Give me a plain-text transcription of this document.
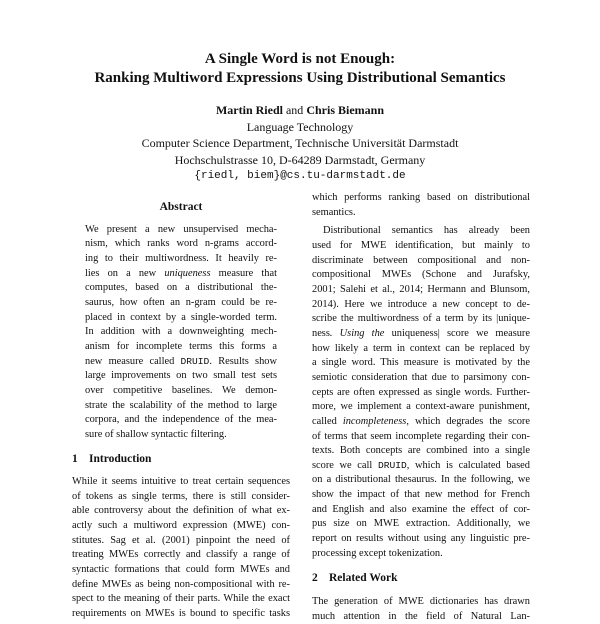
A Single Word is not Enough:
Ranking Multiword Expressions Using Distributional Semantics
Martin Riedl and Chris Biemann
Language Technology
Computer Science Department, Technische Universität Darmstadt
Hochschulstrasse 10, D-64289 Darmstadt, Germany
{riedl, biem}@cs.tu-darmstadt.de
Abstract
We present a new unsupervised mecha-
nism, which ranks word n-grams accord-
ing to their multiwordness. It heavily re-
lies on a new uniqueness measure that
computes, based on a distributional the-
saurus, how often an n-gram could be re-
placed in context by a single-worded term.
In addition with a downweighting mech-
anism for incomplete terms this forms a
new measure called DRUID. Results show
large improvements on two small test sets
over competitive baselines. We demon-
strate the scalability of the method to large
corpora, and the independence of the mea-
sure of shallow syntactic filtering.
1 Introduction
While it seems intuitive to treat certain sequences
of tokens as single terms, there is still consider-
able controversy about the definition of what ex-
actly such a multiword expression (MWE) con-
stitutes. Sag et al. (2001) pinpoint the need of
treating MWEs correctly and classify a range of
syntactic formations that could form MWEs and
define MWEs as being non-compositional with re-
spect to the meaning of their parts. While the exact
requirements on MWEs is bound to specific tasks
which performs ranking based on distributional
semantics.
Distributional semantics has already been
used for MWE identification, but mainly to
discriminate between compositional and non-
compositional MWEs (Schone and Jurafsky,
2001; Salehi et al., 2014; Hermann and Blunsom,
2014). Here we introduce a new concept to de-
scribe the multiwordness of a term by its |unique-
ness. Using the uniqueness| score we measure
how likely a term in context can be replaced by
a single word. This measure is motivated by the
semiotic consideration that due to parsimony con-
cepts are often expressed as single words. Further-
more, we implement a context-aware punishment,
called incompleteness, which degrades the score
of terms that seem incomplete regarding their con-
texts. Both concepts are combined into a single
score we call DRUID, which is calculated based
on a distributional thesaurus. In the following, we
show the impact of that new method for French
and English and also examine the effect of cor-
pus size on MWE extraction. Additionally, we
report on results without using any linguistic pre-
processing except tokenization.
2 Related Work
The generation of MWE dictionaries has drawn
much attention in the field of Natural Lan-
